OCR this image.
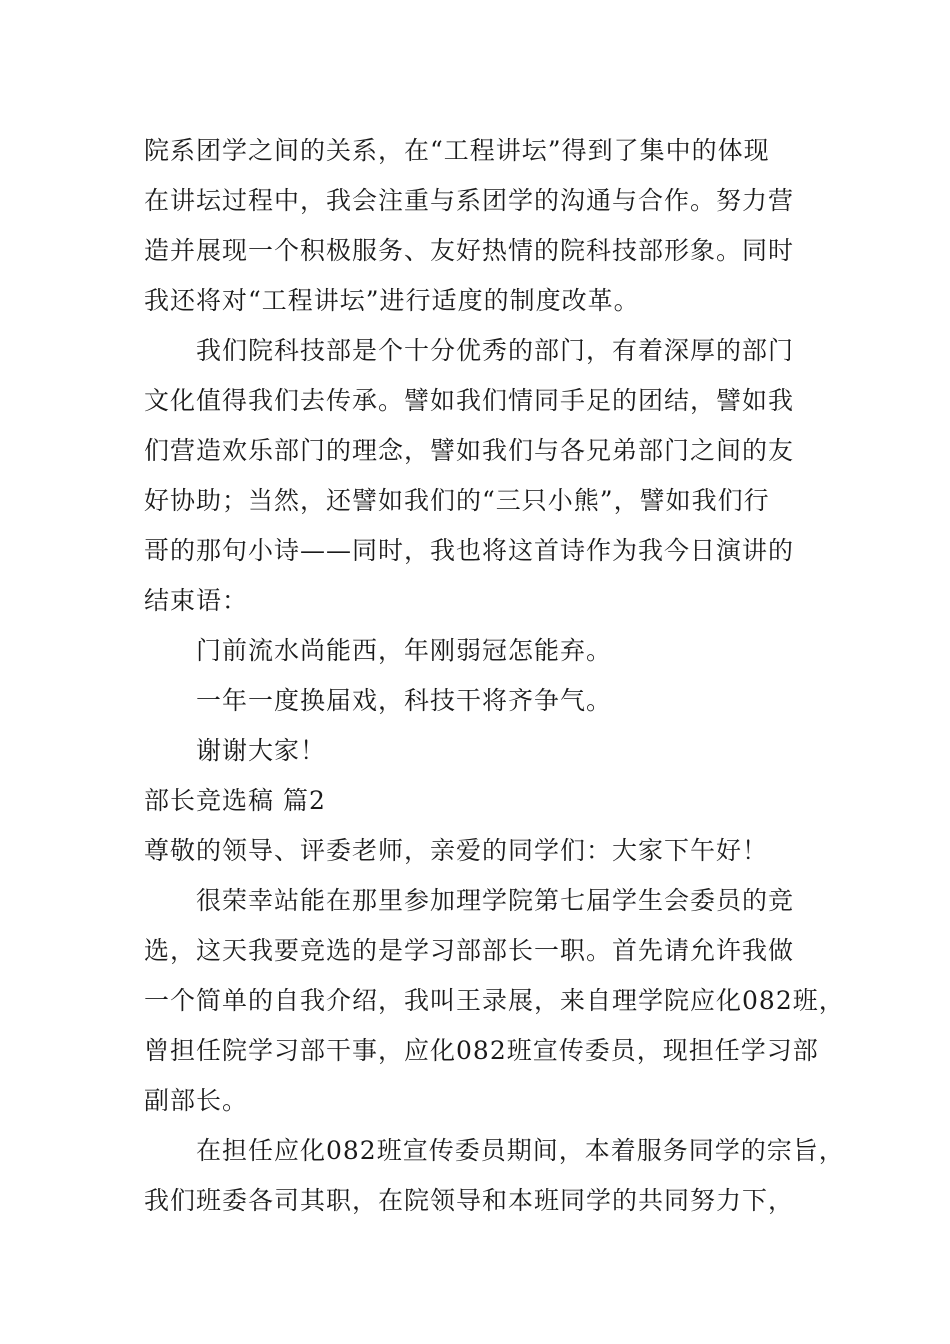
院系团学之间的关系，在“工程讲坛”得到了集中的体现
在讲坛过程中，我会注重与系团学的沟通与合作。努力营
造并展现一个积极服务、友好热情的院科技部形象。同时
我还将对“工程讲坛”进行适度的制度改革。
我们院科技部是个十分优秀的部门，有着深厚的部门
文化值得我们去传承。譬如我们情同手足的团结，譬如我
们营造欢乐部门的理念，譬如我们与各兄弟部门之间的友
好协助；当然，还譬如我们的“三只小熊”，譬如我们行
哥的那句小诗——同时，我也将这首诗作为我今日演讲的
结束语：
门前流水尚能西，年刚弱冠怎能弃。
一年一度换届戏，科技干将齐争气。
谢谢大家！
部长竞选稿 篇2
尊敬的领导、评委老师，亲爱的同学们：大家下午好！
很荣幸站能在那里参加理学院第七届学生会委员的竞
选，这天我要竞选的是学习部部长一职。首先请允许我做
一个简单的自我介绍，我叫王录展，来自理学院应化082班，
曾担任院学习部干事，应化082班宣传委员，现担任学习部
副部长。
在担任应化082班宣传委员期间，本着服务同学的宗旨，
我们班委各司其职，在院领导和本班同学的共同努力下，
